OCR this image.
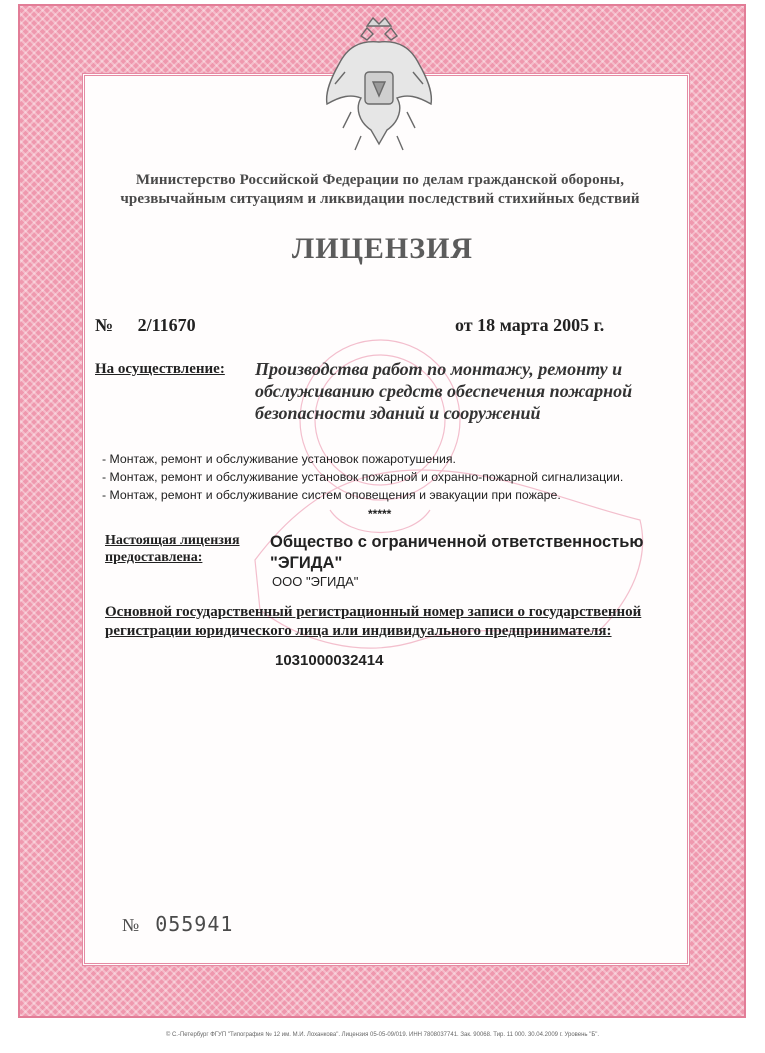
Министерство Российской Федерации по делам гражданской обороны,
чрезвычайным ситуациям и ликвидации последствий стихийных бедствий
ЛИЦЕНЗИЯ
№ 2/11670	от 18 марта 2005 г.
На осуществление: Производства работ по монтажу, ремонту и обслуживанию средств обеспечения пожарной безопасности зданий и сооружений
- Монтаж, ремонт и обслуживание установок пожаротушения.
- Монтаж, ремонт и обслуживание установок пожарной и охранно-пожарной сигнализации.
- Монтаж, ремонт и обслуживание систем оповещения и эвакуации при пожаре.
*****
Настоящая лицензия предоставлена:
Общество с ограниченной ответственностью "ЭГИДА"
ООО "ЭГИДА"
Основной государственный регистрационный номер записи о государственной регистрации юридического лица или индивидуального предпринимателя:
1031000032414
№ 055941
© С.-Петербург ФГУП "Типография № 12 им. М.И. Лоханкова". Лицензия 05-05-09/019. ИНН 7808037741. Зак. 90068. Тир. 11 000. 30.04.2009 г. Уровень "Б".
